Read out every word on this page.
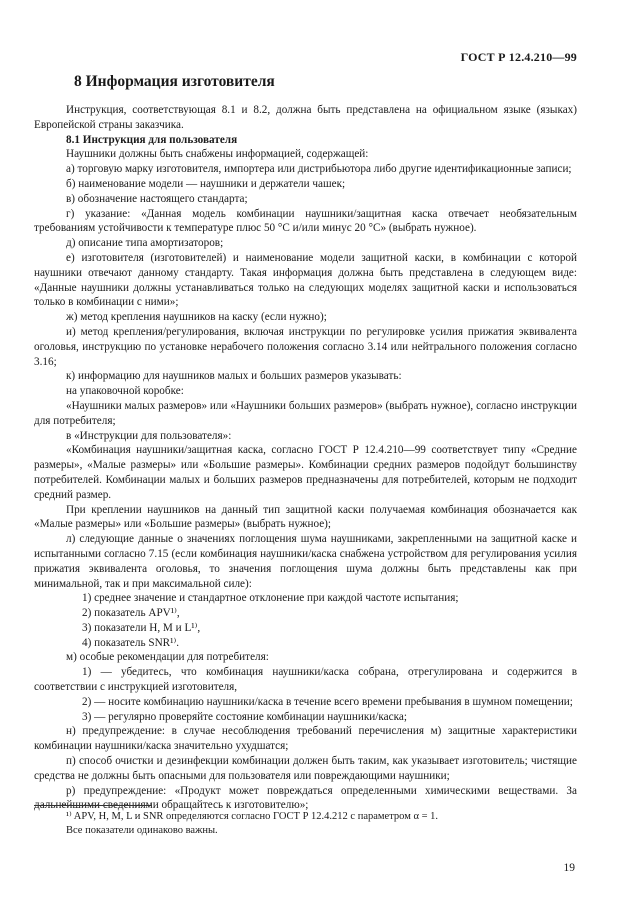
ГОСТ Р 12.4.210—99
8 Информация изготовителя

Инструкция, соответствующая 8.1 и 8.2, должна быть представлена на официальном языке (языках) Европейской страны заказчика.

8.1 Инструкция для пользователя

Наушники должны быть снабжены информацией, содержащей:

а) торговую марку изготовителя, импортера или дистрибьютора либо другие идентификационные записи;

б) наименование модели — наушники и держатели чашек;

в) обозначение настоящего стандарта;

г) указание: «Данная модель комбинации наушники/защитная каска отвечает необязательным требованиям устойчивости к температуре плюс 50 °C и/или минус 20 °C» (выбрать нужное).

д) описание типа амортизаторов;

е) изготовителя (изготовителей) и наименование модели защитной каски, в комбинации с которой наушники отвечают данному стандарту. Такая информация должна быть представлена в следующем виде: «Данные наушники должны устанавливаться только на следующих моделях защитной каски и использоваться только в комбинации с ними»;

ж) метод крепления наушников на каску (если нужно);

и) метод крепления/регулирования, включая инструкции по регулировке усилия прижатия эквивалента оголовья, инструкцию по установке нерабочего положения согласно 3.14 или нейтрального положения согласно 3.16;

к) информацию для наушников малых и больших размеров указывать:

на упаковочной коробке:

«Наушники малых размеров» или «Наушники больших размеров» (выбрать нужное), согласно инструкции для потребителя;

в «Инструкции для пользователя»:

«Комбинация наушники/защитная каска, согласно ГОСТ Р 12.4.210—99 соответствует типу «Средние размеры», «Малые размеры» или «Большие размеры». Комбинации средних размеров подойдут большинству потребителей. Комбинации малых и больших размеров предназначены для потребителей, которым не подходит средний размер.

При креплении наушников на данный тип защитной каски получаемая комбинация обозначается как «Малые размеры» или «Большие размеры» (выбрать нужное);

л) следующие данные о значениях поглощения шума наушниками, закрепленными на защитной каске и испытанными согласно 7.15 (если комбинация наушники/каска снабжена устройством для регулирования усилия прижатия эквивалента оголовья, то значения поглощения шума должны быть представлены как при минимальной, так и при максимальной силе):

1) среднее значение и стандартное отклонение при каждой частоте испытания;

2) показатель APV¹⁾,

3) показатели H, M и L¹⁾,

4) показатель SNR¹⁾.

м) особые рекомендации для потребителя:

1) — убедитесь, что комбинация наушники/каска собрана, отрегулирована и содержится в соответствии с инструкцией изготовителя,

2) — носите комбинацию наушники/каска в течение всего времени пребывания в шумном помещении;

3) — регулярно проверяйте состояние комбинации наушники/каска;

н) предупреждение: в случае несоблюдения требований перечисления м) защитные характеристики комбинации наушники/каска значительно ухудшатся;

п) способ очистки и дезинфекции комбинации должен быть таким, как указывает изготовитель; чистящие средства не должны быть опасными для пользователя или повреждающими наушники;

р) предупреждение: «Продукт может повреждаться определенными химическими веществами. За дальнейшими сведениями обращайтесь к изготовителю»;

¹⁾ APV, H, M, L и SNR определяются согласно ГОСТ Р 12.4.212 с параметром α = 1.

Все показатели одинаково важны.

19
